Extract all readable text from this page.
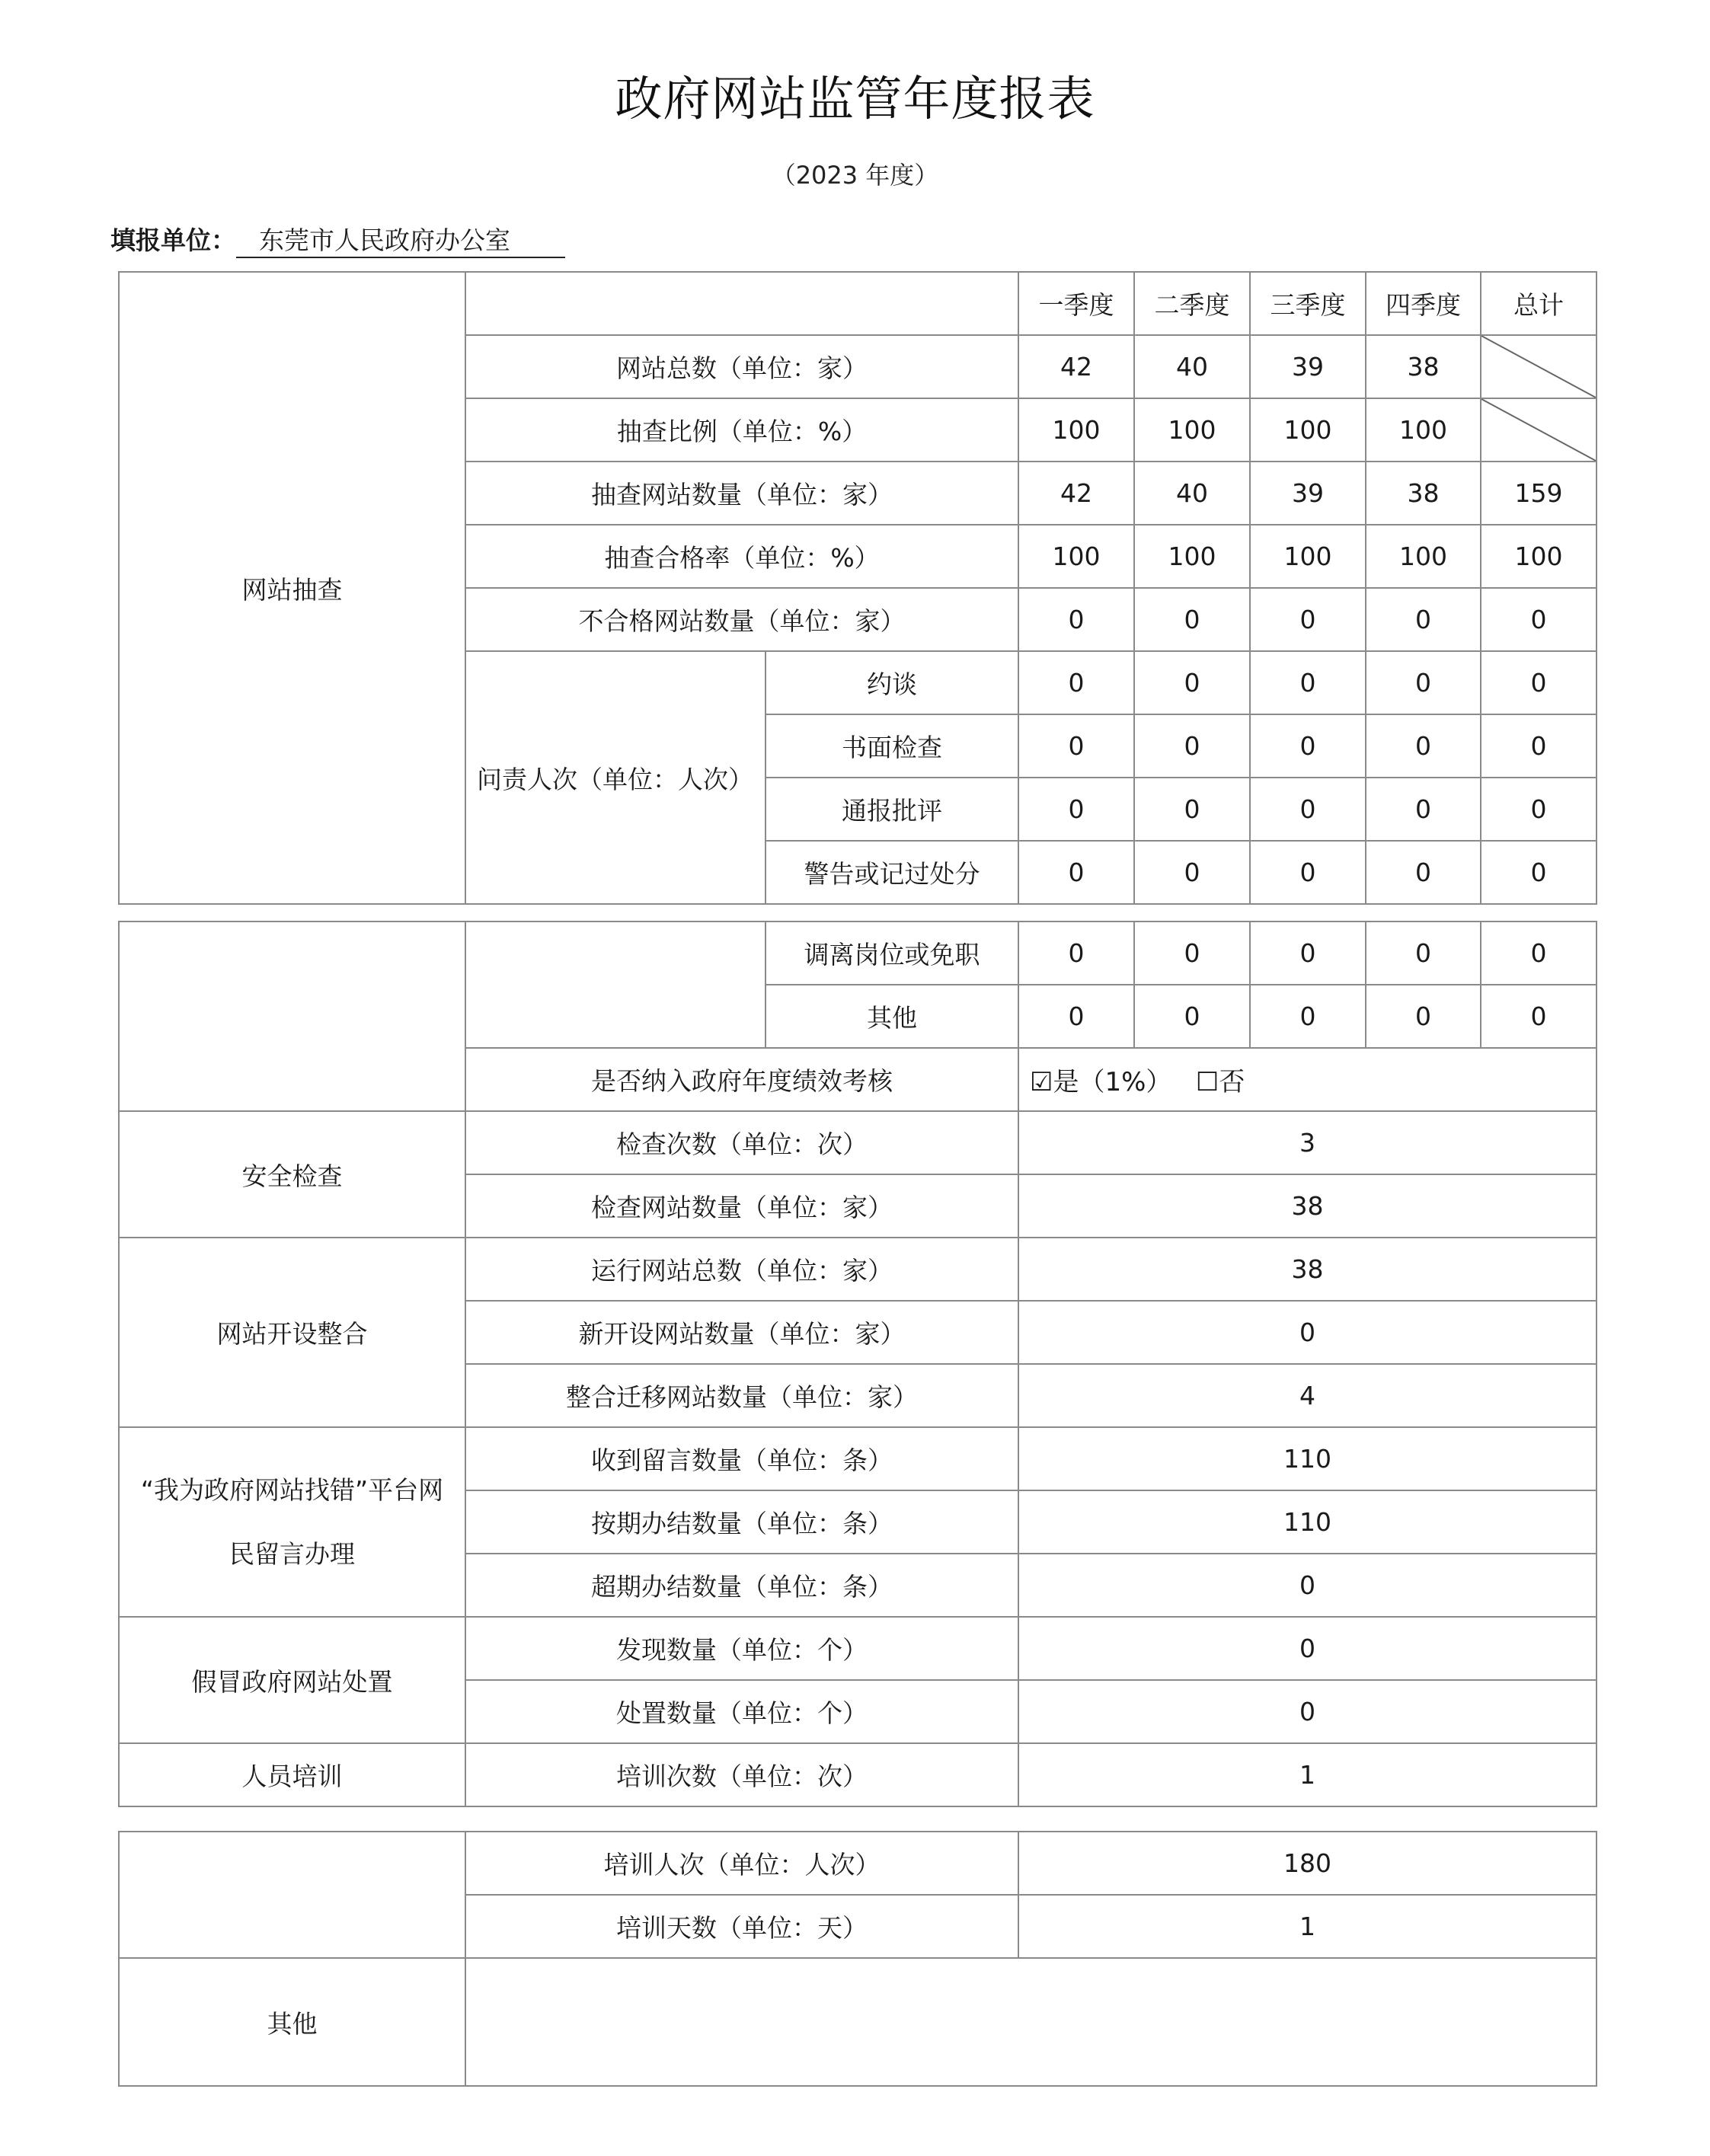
政府网站监管年度报表
（2023 年度）
填报单位： 东莞市人民政府办公室
网站抽查			一季度	二季度	三季度	四季度	总计
	网站总数（单位：家）		42	40	39	38	
	抽查比例（单位：%）		100	100	100	100	
	抽查网站数量（单位：家）		42	40	39	38	159
	抽查合格率（单位：%）		100	100	100	100	100
	不合格网站数量（单位：家）		0	0	0	0	0
	问责人次（单位：人次）	约谈	0	0	0	0	0
		书面检查	0	0	0	0	0
		通报批评	0	0	0	0	0
		警告或记过处分	0	0	0	0	0
		调离岗位或免职	0	0	0	0	0
		其他	0	0	0	0	0
	是否纳入政府年度绩效考核		☑是（1%） ☐否				
安全检查	检查次数（单位：次）		3				
	检查网站数量（单位：家）		38				
网站开设整合	运行网站总数（单位：家）		38				
	新开设网站数量（单位：家）		0				
	整合迁移网站数量（单位：家）		4				
“我为政府网站找错”平台网民留言办理	收到留言数量（单位：条）		110				
	按期办结数量（单位：条）		110				
	超期办结数量（单位：条）		0				
假冒政府网站处置	发现数量（单位：个）		0				
	处置数量（单位：个）		0				
人员培训	培训次数（单位：次）		1				
	培训人次（单位：人次）	180
	培训天数（单位：天）	1
其他		
